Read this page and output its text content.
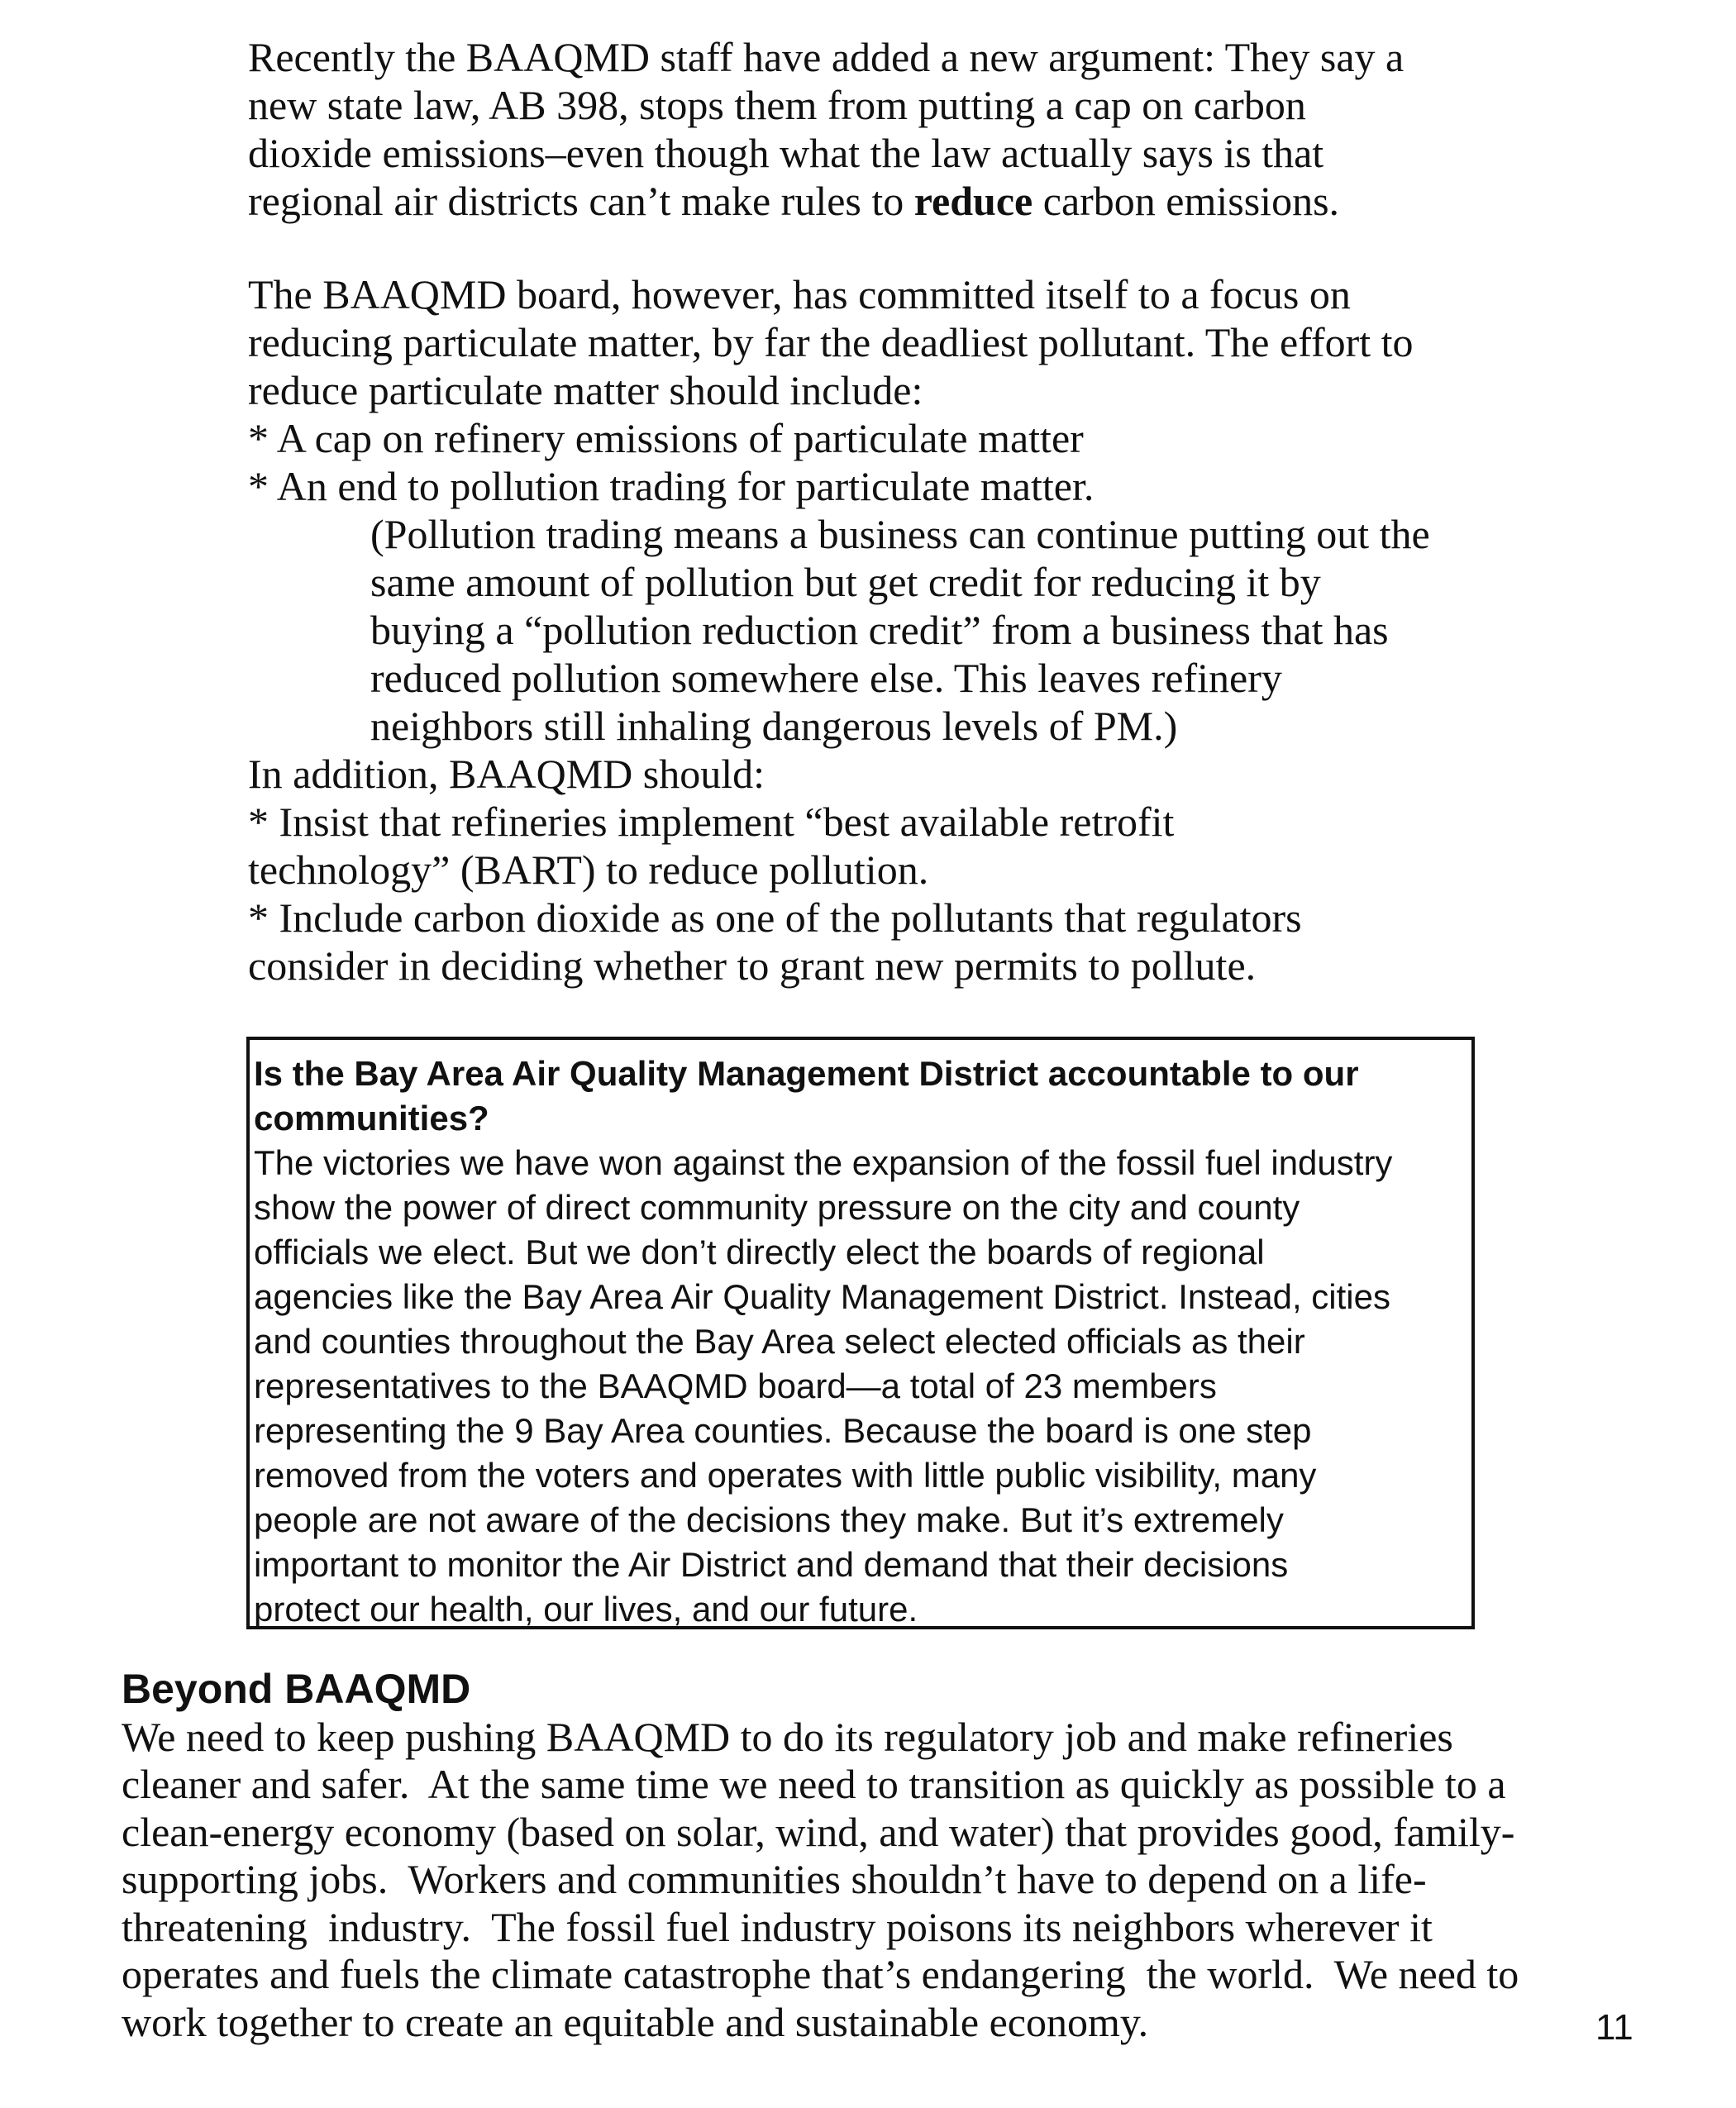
Recently the BAAQMD staff have added a new argument: They say a
new state law, AB 398, stops them from putting a cap on carbon
dioxide emissions–even though what the law actually says is that
regional air districts can’t make rules to reduce carbon emissions.
The BAAQMD board, however, has committed itself to a focus on
reducing particulate matter, by far the deadliest pollutant. The effort to
reduce particulate matter should include:
* A cap on refinery emissions of particulate matter
* An end to pollution trading for particulate matter.
(Pollution trading means a business can continue putting out the
same amount of pollution but get credit for reducing it by
buying a “pollution reduction credit” from a business that has
reduced pollution somewhere else. This leaves refinery
neighbors still inhaling dangerous levels of PM.)
In addition, BAAQMD should:
* Insist that refineries implement “best available retrofit
technology” (BART) to reduce pollution.
* Include carbon dioxide as one of the pollutants that regulators
consider in deciding whether to grant new permits to pollute.
Is the Bay Area Air Quality Management District accountable to our
communities?
The victories we have won against the expansion of the fossil fuel industry
show the power of direct community pressure on the city and county
officials we elect. But we don’t directly elect the boards of regional
agencies like the Bay Area Air Quality Management District. Instead, cities
and counties throughout the Bay Area select elected officials as their
representatives to the BAAQMD board—a total of 23 members
representing the 9 Bay Area counties. Because the board is one step
removed from the voters and operates with little public visibility, many
people are not aware of the decisions they make. But it’s extremely
important to monitor the Air District and demand that their decisions
protect our health, our lives, and our future.
Beyond BAAQMD
We need to keep pushing BAAQMD to do its regulatory job and make refineries
cleaner and safer.  At the same time we need to transition as quickly as possible to a
clean-energy economy (based on solar, wind, and water) that provides good, family-
supporting jobs.  Workers and communities shouldn’t have to depend on a life-
threatening  industry.  The fossil fuel industry poisons its neighbors wherever it
operates and fuels the climate catastrophe that’s endangering  the world.  We need to
work together to create an equitable and sustainable economy.	11
